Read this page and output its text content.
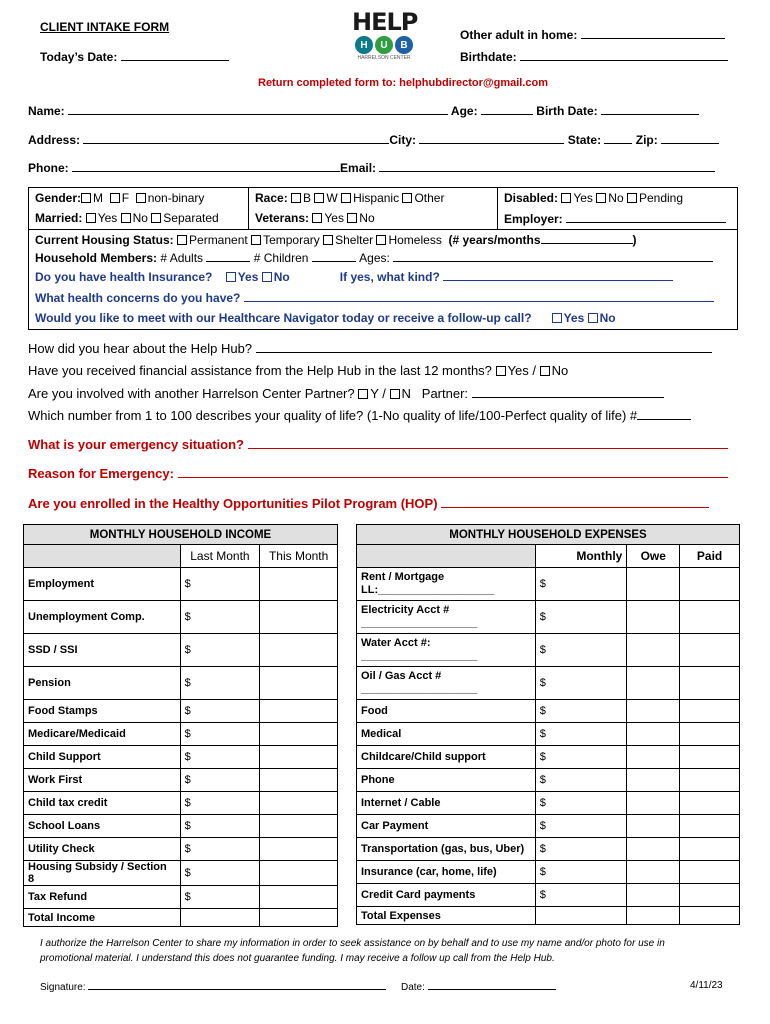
CLIENT INTAKE FORM
Today’s Date:
HELP
H	U	B
HARRELSON CENTER
Other adult in home:
Birthdate:
Return completed form to: helphubdirector@gmail.com
Name:	Age:	Birth Date:
Address:	City:	State:	Zip:
Phone:	Email:
Gender: M F non-binary	Race: B W Hispanic Other	Disabled: Yes No Pending
Married: Yes No Separated	Veterans: Yes No	Employer:
Current Housing Status: Permanent Temporary Shelter Homeless (# years/months	)
Household Members: # Adults	# Children	Ages:
Do you have health Insurance? Yes No	If yes, what kind?
What health concerns do you have?
Would you like to meet with our Healthcare Navigator today or receive a follow-up call?	Yes No
How did you hear about the Help Hub?
Have you received financial assistance from the Help Hub in the last 12 months? Yes / No
Are you involved with another Harrelson Center Partner? Y / N Partner:
Which number from 1 to 100 describes your quality of life? (1-No quality of life/100-Perfect quality of life) #
What is your emergency situation?
Reason for Emergency:
Are you enrolled in the Healthy Opportunities Pilot Program (HOP)
MONTHLY HOUSEHOLD INCOME		
	Last Month	This Month
Employment	$	
Unemployment Comp.	$	
SSD / SSI	$	
Pension	$	
Food Stamps	$	
Medicare/Medicaid	$	
Child Support	$	
Work First	$	
Child tax credit	$	
School Loans	$	
Utility Check	$	
Housing Subsidy / Section 8	$	
Tax Refund	$	
Total Income		
MONTHLY HOUSEHOLD EXPENSES			
	Monthly	Owe	Paid

Rent / Mortgage
LL:___________________	$		

Electricity Acct #
___________________	$		

Water Acct #:
___________________	$		

Oil / Gas Acct #
___________________	$		

Food	$		

Medical	$		

Childcare/Child support	$		

Phone	$		

Internet / Cable	$		

Car Payment	$		

Transportation (gas, bus, Uber)	$		

Insurance (car, home, life)	$		

Credit Card payments	$		
Total Expenses			
I authorize the Harrelson Center to share my information in order to seek assistance on by behalf and to use my name and/or photo for use in
promotional material. I understand this does not guarantee funding. I may receive a follow up call from the Help Hub.
Signature:	Date:	4/11/23
